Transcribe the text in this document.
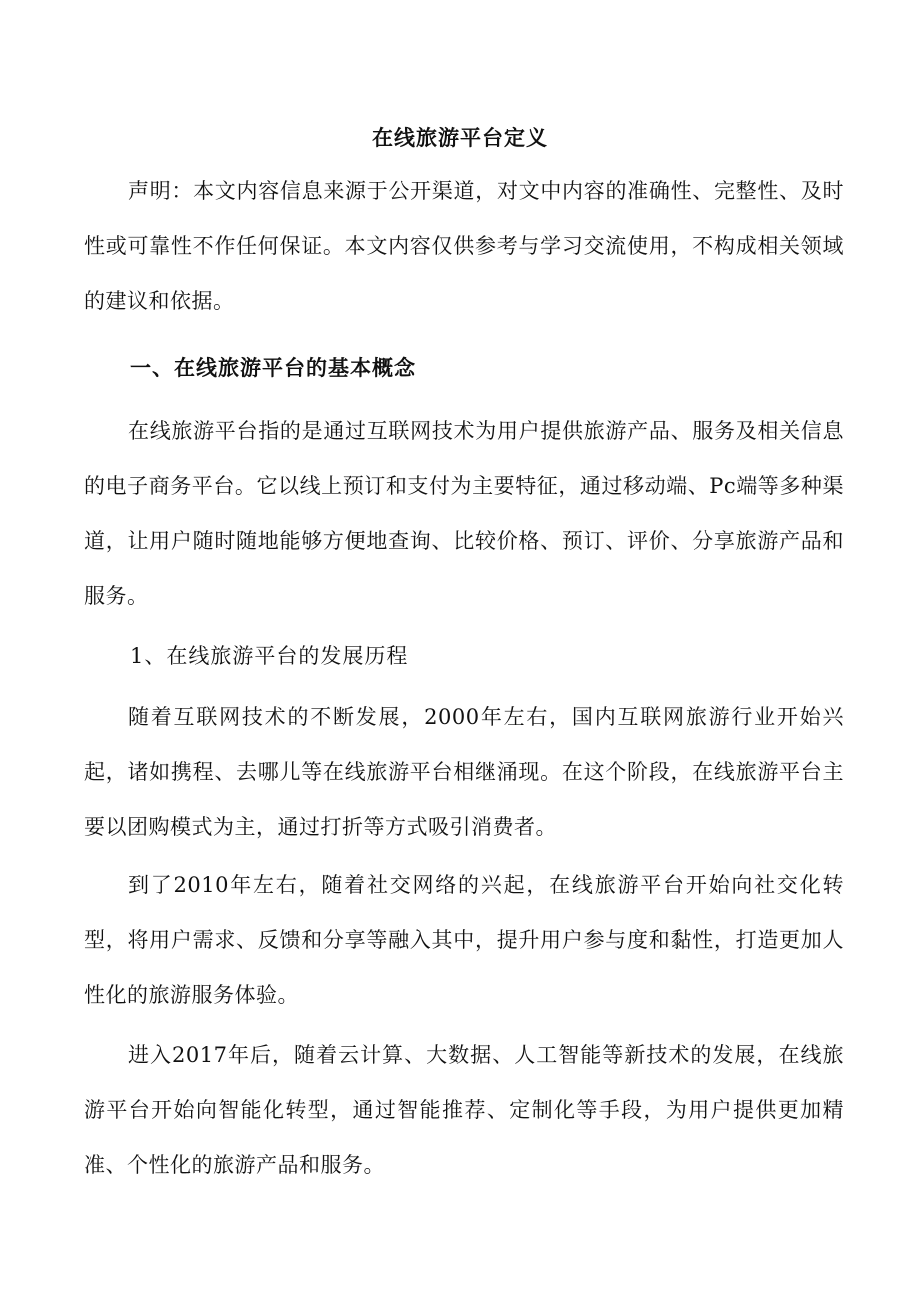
在线旅游平台定义

声明：本文内容信息来源于公开渠道，对文中内容的准确性、完整性、及时性或可靠性不作任何保证。本文内容仅供参考与学习交流使用，不构成相关领域的建议和依据。

一、在线旅游平台的基本概念

在线旅游平台指的是通过互联网技术为用户提供旅游产品、服务及相关信息的电子商务平台。它以线上预订和支付为主要特征，通过移动端、Pc端等多种渠道，让用户随时随地能够方便地查询、比较价格、预订、评价、分享旅游产品和服务。

1、在线旅游平台的发展历程

随着互联网技术的不断发展，2000年左右，国内互联网旅游行业开始兴起，诸如携程、去哪儿等在线旅游平台相继涌现。在这个阶段，在线旅游平台主要以团购模式为主，通过打折等方式吸引消费者。

到了2010年左右，随着社交网络的兴起，在线旅游平台开始向社交化转型，将用户需求、反馈和分享等融入其中，提升用户参与度和黏性，打造更加人性化的旅游服务体验。

进入2017年后，随着云计算、大数据、人工智能等新技术的发展，在线旅游平台开始向智能化转型，通过智能推荐、定制化等手段，为用户提供更加精准、个性化的旅游产品和服务。
